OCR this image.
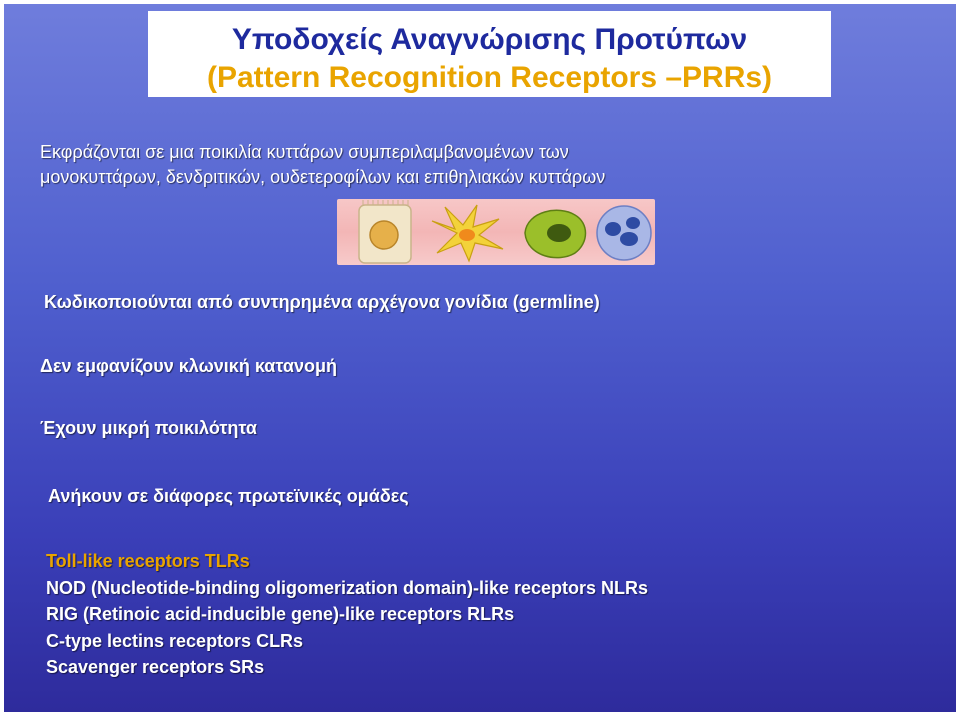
Υποδοχείς Αναγνώρισης Προτύπων
(Pattern Recognition Receptors –PRRs)
Εκφράζονται σε μια ποικιλία κυττάρων συμπεριλαμβανομένων των
μονοκυττάρων, δενδριτικών, ουδετεροφίλων και επιθηλιακών κυττάρων
Κωδικοποιούνται από συντηρημένα αρχέγονα γονίδια (germline)
Δεν εμφανίζουν κλωνική κατανομή
Έχουν μικρή ποικιλότητα
Ανήκουν σε διάφορες πρωτεϊνικές ομάδες
Toll-like receptors TLRs
NOD (Nucleotide-binding oligomerization domain)-like receptors NLRs
RIG (Retinoic acid-inducible gene)-like receptors RLRs
C-type lectins receptors CLRs
Scavenger receptors SRs
